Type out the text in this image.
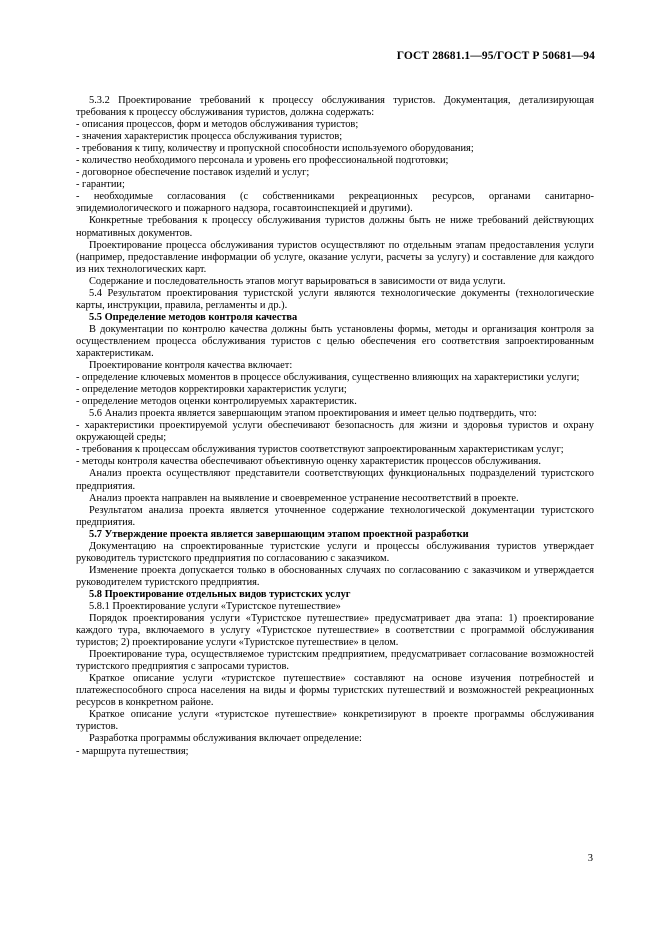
ГОСТ 28681.1—95/ГОСТ Р 50681—94

5.3.2 Проектирование требований к процессу обслуживания туристов. Документация, детализирующая требования к процессу обслуживания туристов, должна содержать:

- описания процессов, форм и методов обслуживания туристов;

- значения характеристик процесса обслуживания туристов;

- требования к типу, количеству и пропускной способности используемого оборудования;

- количество необходимого персонала и уровень его профессиональной подготовки;

- договорное обеспечение поставок изделий и услуг;

- гарантии;

- необходимые согласования (с собственниками рекреационных ресурсов, органами санитарно-эпидемиологического и пожарного надзора, госавтоинспекцией и другими).

Конкретные требования к процессу обслуживания туристов должны быть не ниже требований действующих нормативных документов.

Проектирование процесса обслуживания туристов осуществляют по отдельным этапам предоставления услуги (например, предоставление информации об услуге, оказание услуги, расчеты за услугу) и составление для каждого из них технологических карт.

Содержание и последовательность этапов могут варьироваться в зависимости от вида услуги.

5.4 Результатом проектирования туристской услуги являются технологические документы (технологические карты, инструкции, правила, регламенты и др.).

5.5 Определение методов контроля качества

В документации по контролю качества должны быть установлены формы, методы и организация контроля за осуществлением процесса обслуживания туристов с целью обеспечения его соответствия запроектированным характеристикам.

Проектирование контроля качества включает:

- определение ключевых моментов в процессе обслуживания, существенно влияющих на характеристики услуги;

- определение методов корректировки характеристик услуги;

- определение методов оценки контролируемых характеристик.

5.6 Анализ проекта является завершающим этапом проектирования и имеет целью подтвердить, что:

- характеристики проектируемой услуги обеспечивают безопасность для жизни и здоровья туристов и охрану окружающей среды;

- требования к процессам обслуживания туристов соответствуют запроектированным характеристикам услуг;

- методы контроля качества обеспечивают объективную оценку характеристик процессов обслуживания.

Анализ проекта осуществляют представители соответствующих функциональных подразделений туристского предприятия.

Анализ проекта направлен на выявление и своевременное устранение несоответствий в проекте.

Результатом анализа проекта является уточненное содержание технологической документации туристского предприятия.

5.7 Утверждение проекта является завершающим этапом проектной разработки

Документацию на спроектированные туристские услуги и процессы обслуживания туристов утверждает руководитель туристского предприятия по согласованию с заказчиком.

Изменение проекта допускается только в обоснованных случаях по согласованию с заказчиком и утверждается руководителем туристского предприятия.

5.8 Проектирование отдельных видов туристских услуг

5.8.1 Проектирование услуги «Туристское путешествие»

Порядок проектирования услуги «Туристское путешествие» предусматривает два этапа: 1) проектирование каждого тура, включаемого в услугу «Туристское путешествие» в соответствии с программой обслуживания туристов; 2) проектирование услуги «Туристское путешествие» в целом.

Проектирование тура, осуществляемое туристским предприятием, предусматривает согласование возможностей туристского предприятия с запросами туристов.

Краткое описание услуги «туристское путешествие» составляют на основе изучения потребностей и платежеспособного спроса населения на виды и формы туристских путешествий и возможностей рекреационных ресурсов в конкретном районе.

Краткое описание услуги «туристское путешествие» конкретизируют в проекте программы обслуживания туристов.

Разработка программы обслуживания включает определение:

- маршрута путешествия;

3
